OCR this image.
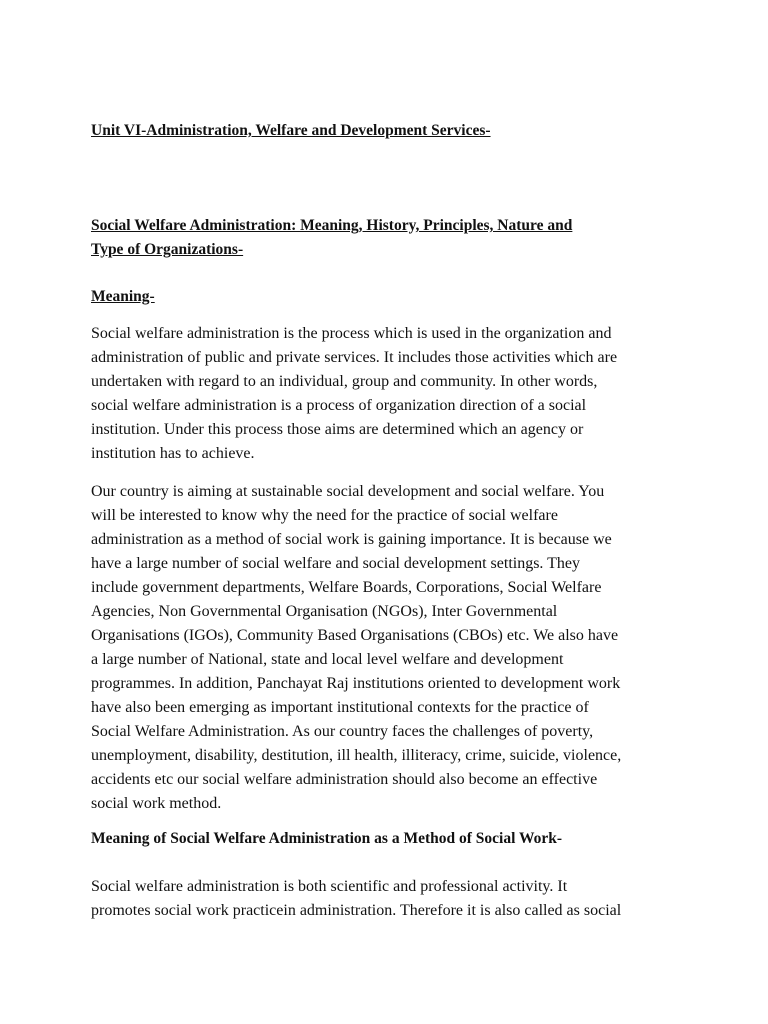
Unit VI-Administration, Welfare and Development Services-
Social Welfare Administration: Meaning, History, Principles, Nature and
Type of Organizations-
Meaning-

Social welfare administration is the process which is used in the organization and
administration of public and private services. It includes those activities which are
undertaken with regard to an individual, group and community. In other words,
social welfare administration is a process of organization direction of a social
institution. Under this process those aims are determined which an agency or
institution has to achieve.

Our country is aiming at sustainable social development and social welfare. You
will be interested to know why the need for the practice of social welfare
administration as a method of social work is gaining importance. It is because we
have a large number of social welfare and social development settings. They
include government departments, Welfare Boards, Corporations, Social Welfare
Agencies, Non Governmental Organisation (NGOs), Inter Governmental
Organisations (IGOs), Community Based Organisations (CBOs) etc. We also have
a large number of National, state and local level welfare and development
programmes. In addition, Panchayat Raj institutions oriented to development work
have also been emerging as important institutional contexts for the practice of
Social Welfare Administration. As our country faces the challenges of poverty,
unemployment, disability, destitution, ill health, illiteracy, crime, suicide, violence,
accidents etc our social welfare administration should also become an effective
social work method.

Meaning of Social Welfare Administration as a Method of Social Work-

Social welfare administration is both scientific and professional activity. It
promotes social work practicein administration. Therefore it is also called as social
